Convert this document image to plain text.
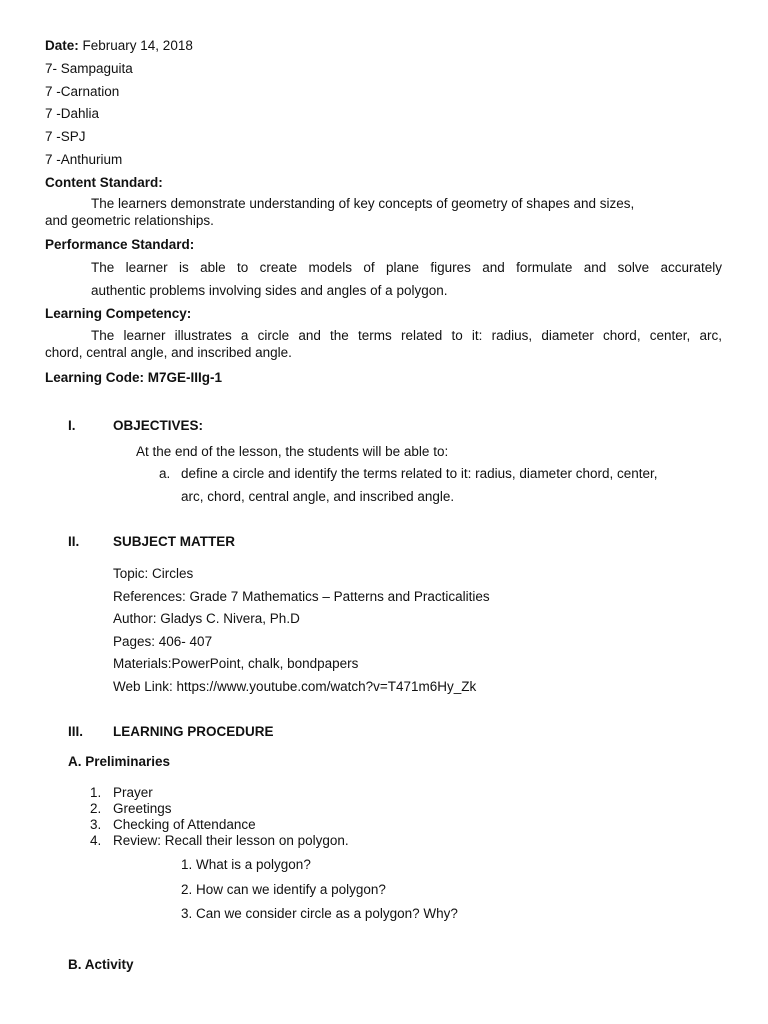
Date: February 14, 2018
7- Sampaguita
7 -Carnation
7 -Dahlia
7 -SPJ
7 -Anthurium
Content Standard:
The learners demonstrate understanding of key concepts of geometry of shapes and sizes,
and geometric relationships.
Performance Standard:
The learner is able to create models of plane figures and formulate and solve accurately
authentic problems involving sides and angles of a polygon.
Learning Competency:
The learner illustrates a circle and the terms related to it: radius, diameter chord, center, arc,
chord, central angle, and inscribed angle.
Learning Code: M7GE-IIIg-1
I.	OBJECTIVES:
At the end of the lesson, the students will be able to:
a. define a circle and identify the terms related to it: radius, diameter chord, center,
arc, chord, central angle, and inscribed angle.
II. SUBJECT MATTER
Topic: Circles
References: Grade 7 Mathematics – Patterns and Practicalities
Author: Gladys C. Nivera, Ph.D
Pages: 406- 407
Materials:PowerPoint, chalk, bondpapers
Web Link: https://www.youtube.com/watch?v=T471m6Hy_Zk
III. LEARNING PROCEDURE
A. Preliminaries
1. Prayer
2. Greetings
3. Checking of Attendance
4. Review: Recall their lesson on polygon.
1. What is a polygon?
2. How can we identify a polygon?
3. Can we consider circle as a polygon? Why?
B. Activity
